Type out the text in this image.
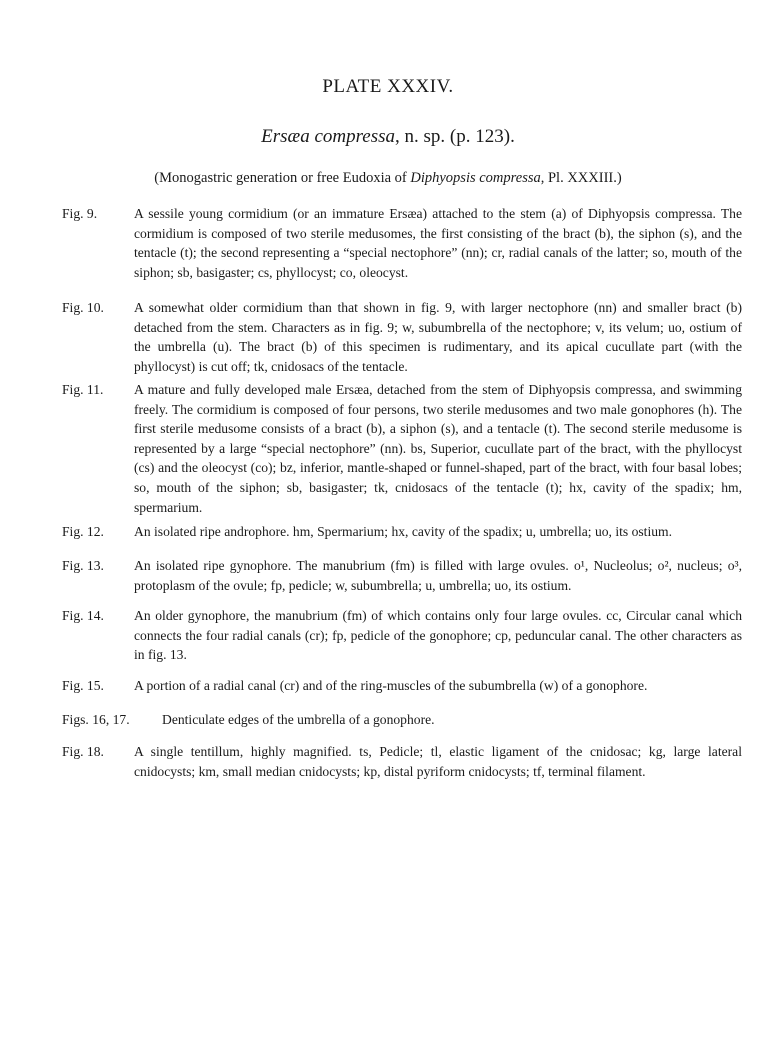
PLATE XXXIV.
Ersæa compressa, n. sp. (p. 123).
(Monogastric generation or free Eudoxia of Diphyopsis compressa, Pl. XXXIII.)
Fig. 9.	A sessile young cormidium (or an immature Ersæa) attached to the stem (a) of Diphyopsis compressa. The cormidium is composed of two sterile medusomes, the first consisting of the bract (b), the siphon (s), and the tentacle (t); the second representing a “special nectophore” (nn); cr, radial canals of the latter; so, mouth of the siphon; sb, basigaster; cs, phyllocyst; co, oleocyst.
Fig. 10. A somewhat older cormidium than that shown in fig. 9, with larger nectophore (nn) and smaller bract (b) detached from the stem. Characters as in fig. 9; w, subumbrella of the nectophore; v, its velum; uo, ostium of the umbrella (u). The bract (b) of this specimen is rudimentary, and its apical cucullate part (with the phyllocyst) is cut off; tk, cnidosacs of the tentacle.
Fig. 11. A mature and fully developed male Ersæa, detached from the stem of Diphyopsis compressa, and swimming freely. The cormidium is composed of four persons, two sterile medusomes and two male gonophores (h). The first sterile medusome consists of a bract (b), a siphon (s), and a tentacle (t). The second sterile medusome is represented by a large “special nectophore” (nn). bs, Superior, cucullate part of the bract, with the phyllocyst (cs) and the oleocyst (co); bz, inferior, mantle-shaped or funnel-shaped, part of the bract, with four basal lobes; so, mouth of the siphon; sb, basigaster; tk, cnidosacs of the tentacle (t); hx, cavity of the spadix; hm, spermarium.
Fig. 12. An isolated ripe androphore. hm, Spermarium; hx, cavity of the spadix; u, umbrella; uo, its ostium.
Fig. 13. An isolated ripe gynophore. The manubrium (fm) is filled with large ovules. o¹, Nucleolus; o², nucleus; o³, protoplasm of the ovule; fp, pedicle; w, subumbrella; u, umbrella; uo, its ostium.
Fig. 14. An older gynophore, the manubrium (fm) of which contains only four large ovules. cc, Circular canal which connects the four radial canals (cr); fp, pedicle of the gonophore; cp, peduncular canal. The other characters as in fig. 13.
Fig. 15. A portion of a radial canal (cr) and of the ring-muscles of the subumbrella (w) of a gonophore.
Figs. 16, 17. Denticulate edges of the umbrella of a gonophore.
Fig. 18. A single tentillum, highly magnified. ts, Pedicle; tl, elastic ligament of the cnidosac; kg, large lateral cnidocysts; km, small median cnidocysts; kp, distal pyriform cnidocysts; tf, terminal filament.
